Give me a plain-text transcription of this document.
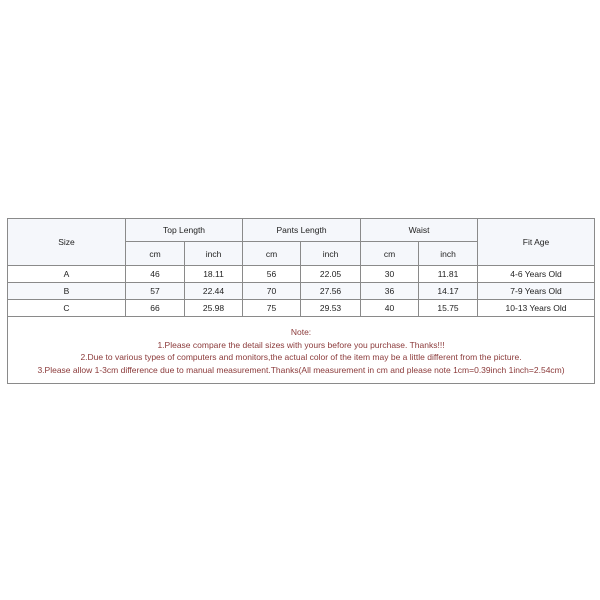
Size	Top Length		Pants Length		Waist		Fit Age
	cm	inch	cm	inch	cm	inch	
A	46	18.11	56	22.05	30	11.81	4-6 Years Old
B	57	22.44	70	27.56	36	14.17	7-9 Years Old
C	66	25.98	75	29.53	40	15.75	10-13 Years Old

Note:
1.Please compare the detail sizes with yours before you purchase. Thanks!!!
2.Due to various types of computers and monitors,the actual color of the item may be a little different from the picture.
3.Please allow 1-3cm difference due to manual measurement.Thanks(All measurement in cm and please note 1cm=0.39inch 1inch=2.54cm)							
